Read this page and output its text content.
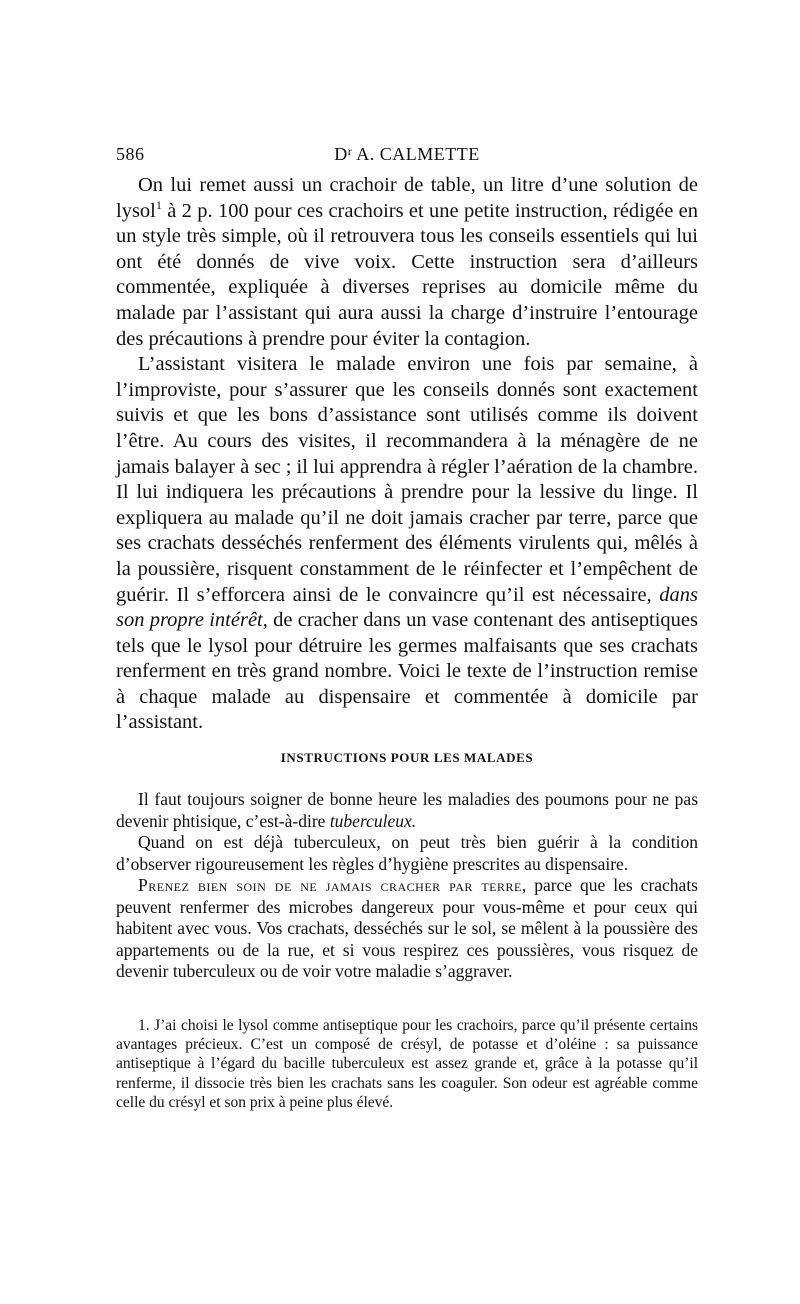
586	$D^r$ A. CALMETTE

On lui remet aussi un crachoir de table, un litre d’une solution de lysol$^1$ à 2 p. 100 pour ces crachoirs et une petite instruction, rédigée en un style très simple, où il retrouvera tous les conseils essentiels qui lui ont été donnés de vive voix. Cette instruction sera d’ailleurs commentée, expliquée à diverses reprises au domicile même du malade par l’assistant qui aura aussi la charge d’instruire l’entourage des précautions à prendre pour éviter la contagion.

L’assistant visitera le malade environ une fois par semaine, à l’improviste, pour s’assurer que les conseils donnés sont exactement suivis et que les bons d’assistance sont utilisés comme ils doivent l’être. Au cours des visites, il recommandera à la ménagère de ne jamais balayer à sec ; il lui apprendra à régler l’aération de la chambre. Il lui indiquera les précautions à prendre pour la lessive du linge. Il expliquera au malade qu’il ne doit jamais cracher par terre, parce que ses crachats desséchés renferment des éléments virulents qui, mêlés à la poussière, risquent constamment de le réinfecter et l’empêchent de guérir. Il s’efforcera ainsi de le convaincre qu’il est nécessaire, dans son propre intérêt, de cracher dans un vase contenant des antiseptiques tels que le lysol pour détruire les germes malfaisants que ses crachats renferment en très grand nombre. Voici le texte de l’instruction remise à chaque malade au dispensaire et commentée à domicile par l’assistant.

INSTRUCTIONS POUR LES MALADES

Il faut toujours soigner de bonne heure les maladies des poumons pour ne pas devenir phtisique, c’est-à-dire tuberculeux.

Quand on est déjà tuberculeux, on peut très bien guérir à la condition d’observer rigoureusement les règles d’hygiène prescrites au dispensaire.

Prenez bien soin de ne jamais cracher par terre, parce que les crachats peuvent renfermer des microbes dangereux pour vous-même et pour ceux qui habitent avec vous. Vos crachats, desséchés sur le sol, se mêlent à la poussière des appartements ou de la rue, et si vous respirez ces poussières, vous risquez de devenir tuberculeux ou de voir votre maladie s’aggraver.

1. J’ai choisi le lysol comme antiseptique pour les crachoirs, parce qu’il présente certains avantages précieux. C’est un composé de crésyl, de potasse et d’oléine : sa puissance antiseptique à l’égard du bacille tuberculeux est assez grande et, grâce à la potasse qu’il renferme, il dissocie très bien les crachats sans les coaguler. Son odeur est agréable comme celle du crésyl et son prix à peine plus élevé.
